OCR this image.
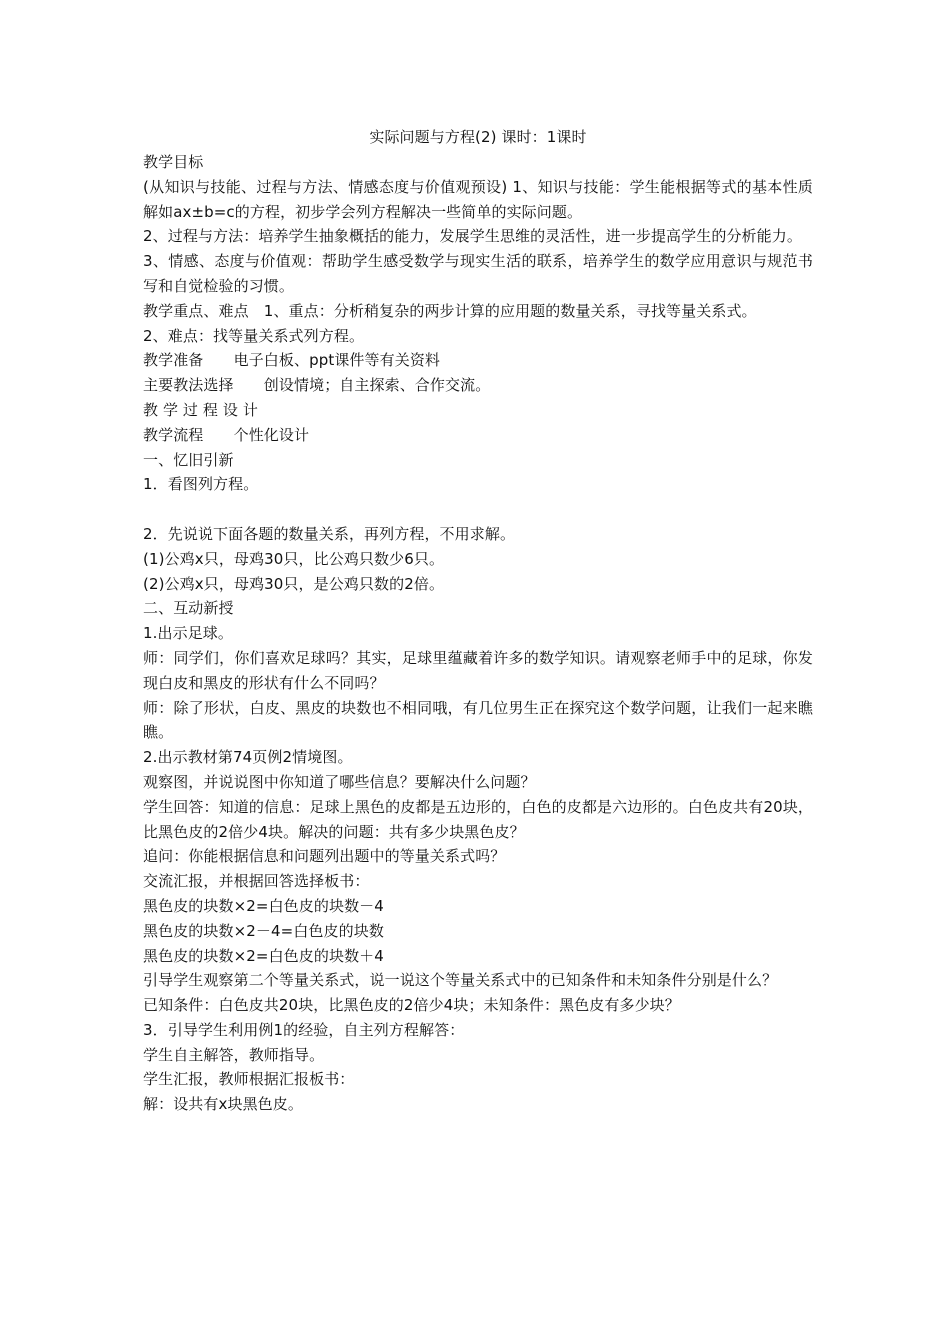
实际问题与方程(2) 课时：1课时
教学目标
(从知识与技能、过程与方法、情感态度与价值观预设) 1、知识与技能：学生能根据等式的基本性质解如ax±b=c的方程，初步学会列方程解决一些简单的实际问题。
2、过程与方法：培养学生抽象概括的能力，发展学生思维的灵活性，进一步提高学生的分析能力。
3、情感、态度与价值观：帮助学生感受数学与现实生活的联系，培养学生的数学应用意识与规范书写和自觉检验的习惯。
教学重点、难点　1、重点：分析稍复杂的两步计算的应用题的数量关系，寻找等量关系式。
2、难点：找等量关系式列方程。
教学准备　　电子白板、ppt课件等有关资料
主要教法选择　　创设情境；自主探索、合作交流。
教 学 过 程 设 计
教学流程　　个性化设计
一、忆旧引新
1．看图列方程。
2．先说说下面各题的数量关系，再列方程，不用求解。
(1)公鸡x只，母鸡30只，比公鸡只数少6只。
(2)公鸡x只，母鸡30只，是公鸡只数的2倍。
二、互动新授
1.出示足球。
师：同学们，你们喜欢足球吗？其实，足球里蕴藏着许多的数学知识。请观察老师手中的足球，你发现白皮和黑皮的形状有什么不同吗？
师：除了形状，白皮、黑皮的块数也不相同哦，有几位男生正在探究这个数学问题，让我们一起来瞧瞧。
2.出示教材第74页例2情境图。
观察图，并说说图中你知道了哪些信息？要解决什么问题？
学生回答：知道的信息：足球上黑色的皮都是五边形的，白色的皮都是六边形的。白色皮共有20块，比黑色皮的2倍少4块。解决的问题：共有多少块黑色皮？
追问：你能根据信息和问题列出题中的等量关系式吗？
交流汇报，并根据回答选择板书：
黑色皮的块数×2=白色皮的块数－4
黑色皮的块数×2－4=白色皮的块数
黑色皮的块数×2=白色皮的块数＋4
引导学生观察第二个等量关系式，说一说这个等量关系式中的已知条件和未知条件分别是什么？
已知条件：白色皮共20块，比黑色皮的2倍少4块；未知条件：黑色皮有多少块？
3．引导学生利用例1的经验，自主列方程解答：
学生自主解答，教师指导。
学生汇报，教师根据汇报板书：
解：设共有x块黑色皮。
